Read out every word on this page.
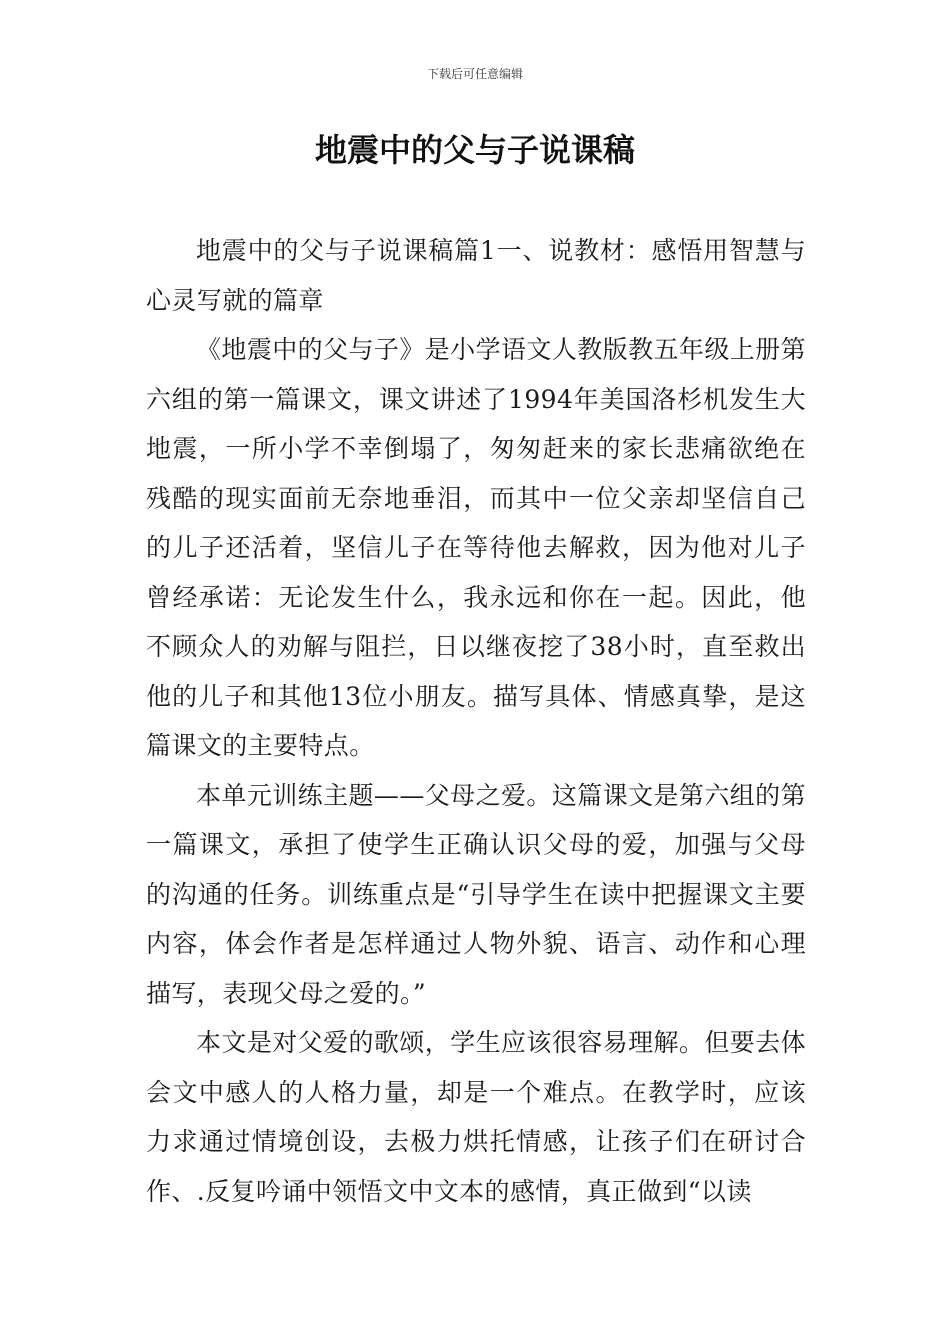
下载后可任意编辑
地震中的父与子说课稿

地震中的父与子说课稿篇1一、说教材：感悟用智慧与心灵写就的篇章

《地震中的父与子》是小学语文人教版教五年级上册第六组的第一篇课文，课文讲述了1994年美国洛杉机发生大地震，一所小学不幸倒塌了，匆匆赶来的家长悲痛欲绝在残酷的现实面前无奈地垂泪，而其中一位父亲却坚信自己的儿子还活着，坚信儿子在等待他去解救，因为他对儿子曾经承诺：无论发生什么，我永远和你在一起。因此，他不顾众人的劝解与阻拦，日以继夜挖了38小时，直至救出他的儿子和其他13位小朋友。描写具体、情感真挚，是这篇课文的主要特点。

本单元训练主题——父母之爱。这篇课文是第六组的第一篇课文，承担了使学生正确认识父母的爱，加强与父母的沟通的任务。训练重点是“引导学生在读中把握课文主要内容，体会作者是怎样通过人物外貌、语言、动作和心理描写，表现父母之爱的。”

本文是对父爱的歌颂，学生应该很容易理解。但要去体会文中感人的人格力量，却是一个难点。在教学时，应该力求通过情境创设，去极力烘托情感，让孩子们在研讨合作、.反复吟诵中领悟文中文本的感情，真正做到“以读
